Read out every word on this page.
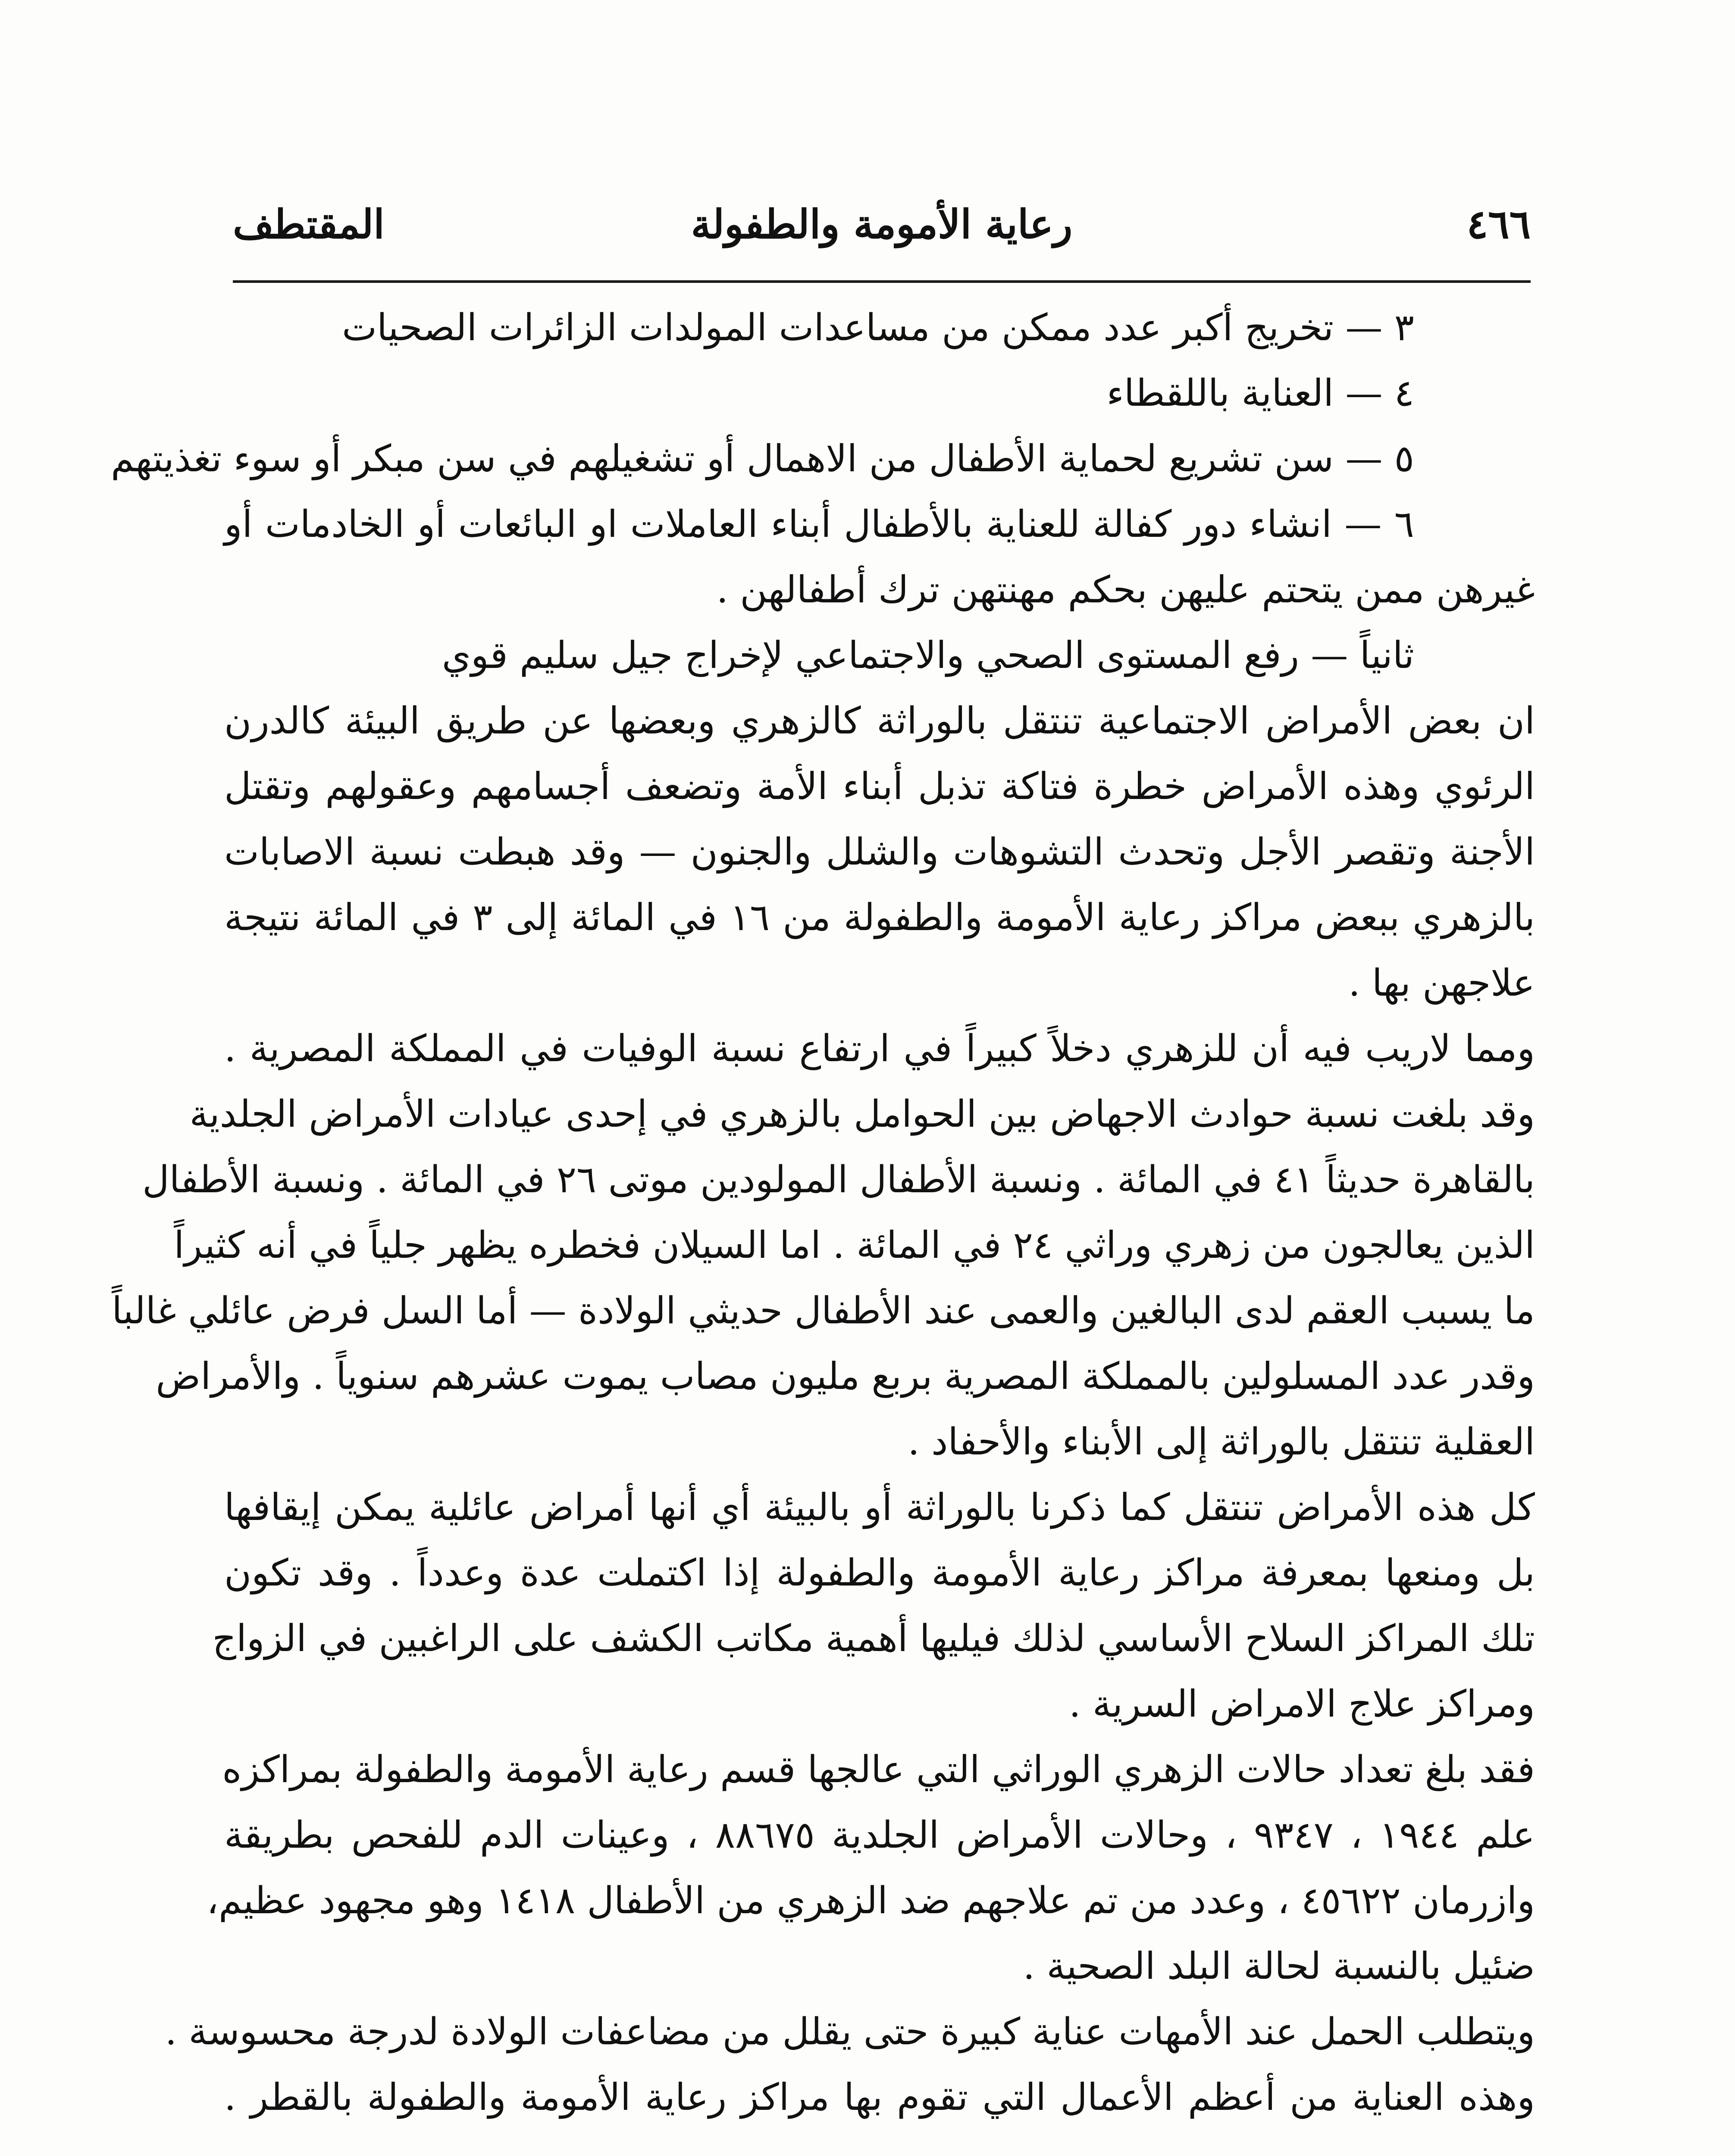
٤٦٦
رعاية الأمومة والطفولة
المقتطف
٣ — تخريج أكبر عدد ممكن من مساعدات المولدات الزائرات الصحيات
٤ — العناية باللقطاء
٥ — سن تشريع لحماية الأطفال من الاهمال أو تشغيلهم في سن مبكر أو سوء تغذيتهم
٦ — انشاء دور كفالة للعناية بالأطفال أبناء العاملات او البائعات أو الخادمات أو
غيرهن ممن يتحتم عليهن بحكم مهنتهن ترك أطفالهن .
ثانياً — رفع المستوى الصحي والاجتماعي لإخراج جيل سليم قوي
ان بعض الأمراض الاجتماعية تنتقل بالوراثة كالزهري وبعضها عن طريق البيئة كالدرن
الرئوي وهذه الأمراض خطرة فتاكة تذبل أبناء الأمة وتضعف أجسامهم وعقولهم وتقتل
الأجنة وتقصر الأجل وتحدث التشوهات والشلل والجنون — وقد هبطت نسبة الاصابات
بالزهري ببعض مراكز رعاية الأمومة والطفولة من ١٦ في المائة إلى ٣ في المائة نتيجة
علاجهن بها .
ومما لاريب فيه أن للزهري دخلاً كبيراً في ارتفاع نسبة الوفيات في المملكة المصرية .
وقد بلغت نسبة حوادث الاجهاض بين الحوامل بالزهري في إحدى عيادات الأمراض الجلدية
بالقاهرة حديثاً ٤١ في المائة . ونسبة الأطفال المولودين موتى ٢٦ في المائة . ونسبة الأطفال
الذين يعالجون من زهري وراثي ٢٤ في المائة . اما السيلان فخطره يظهر جلياً في أنه كثيراً
ما يسبب العقم لدى البالغين والعمى عند الأطفال حديثي الولادة — أما السل فرض عائلي غالباً
وقدر عدد المسلولين بالمملكة المصرية بربع مليون مصاب يموت عشرهم سنوياً . والأمراض
العقلية تنتقل بالوراثة إلى الأبناء والأحفاد .
كل هذه الأمراض تنتقل كما ذكرنا بالوراثة أو بالبيئة أي أنها أمراض عائلية يمكن إيقافها
بل ومنعها بمعرفة مراكز رعاية الأمومة والطفولة إذا اكتملت عدة وعدداً . وقد تكون
تلك المراكز السلاح الأساسي لذلك فيليها أهمية مكاتب الكشف على الراغبين في الزواج
ومراكز علاج الامراض السرية .
فقد بلغ تعداد حالات الزهري الوراثي التي عالجها قسم رعاية الأمومة والطفولة بمراكزه
علم ١٩٤٤ ، ٩٣٤٧ ، وحالات الأمراض الجلدية ٨٨٦٧٥ ، وعينات الدم للفحص بطريقة
وازرمان ٤٥٦٢٢ ، وعدد من تم علاجهم ضد الزهري من الأطفال ١٤١٨ وهو مجهود عظيم،
ضئيل بالنسبة لحالة البلد الصحية .
ويتطلب الحمل عند الأمهات عناية كبيرة حتى يقلل من مضاعفات الولادة لدرجة محسوسة .
وهذه العناية من أعظم الأعمال التي تقوم بها مراكز رعاية الأمومة والطفولة بالقطر .
